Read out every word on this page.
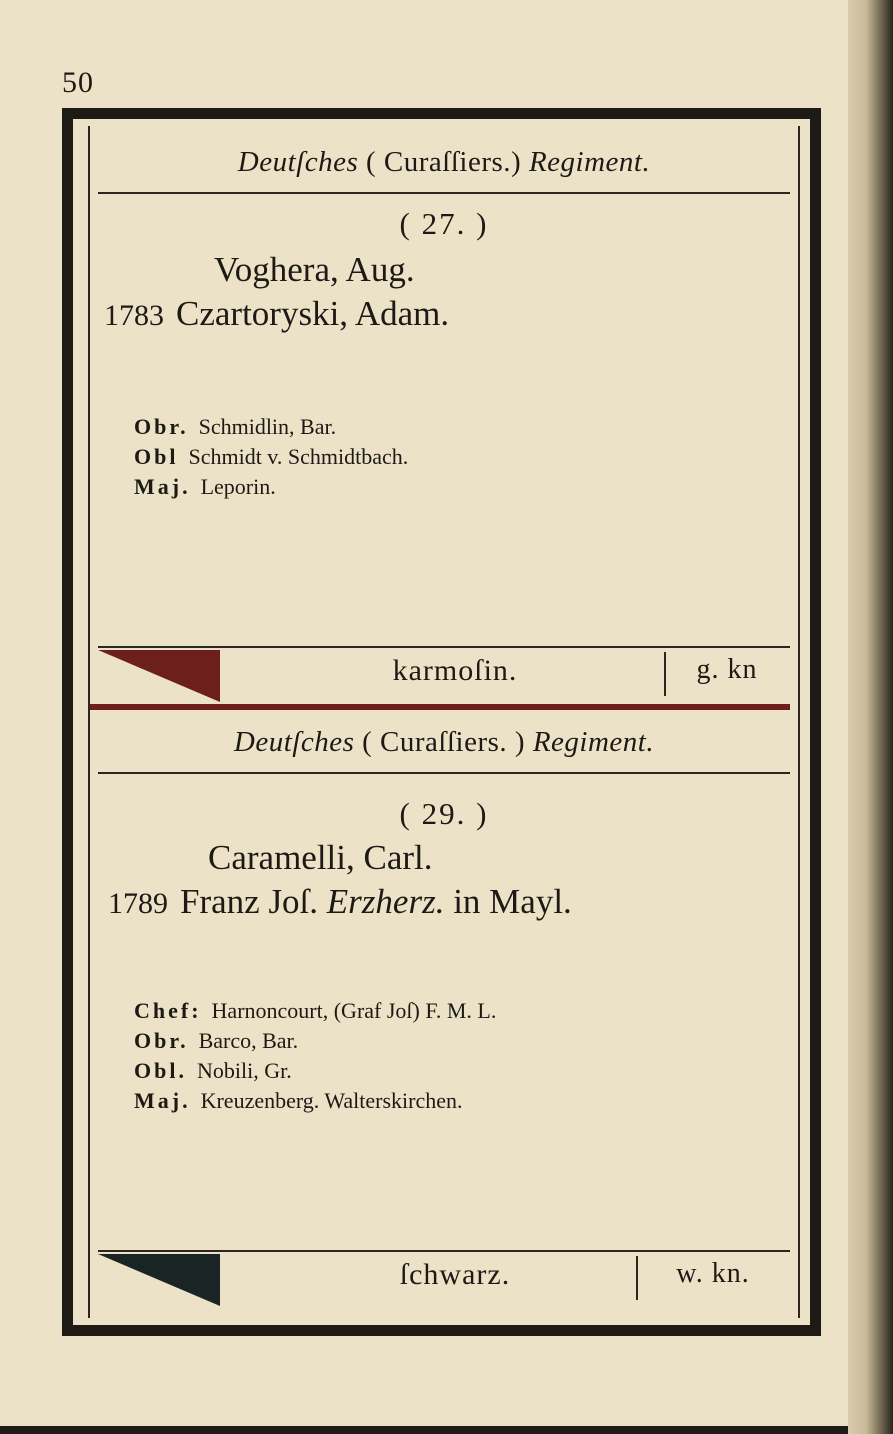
50
Deutſches ( Curaſſiers.) Regiment.
( 27. )
Voghera, Aug.
1783 Czartoryski, Adam.
Obr. Schmidlin, Bar.
Obl Schmidt v. Schmidtbach.
Maj. Leporin.
karmoſin.	g. kn
Deutſches ( Curaſſiers. ) Regiment.
( 29. )
Caramelli, Carl.
1789 Franz Joſ. Erzherz. in Mayl.
Chef: Harnoncourt, (Graf Joſ) F. M. L.
Obr. Barco, Bar.
Obl. Nobili, Gr.
Maj. Kreuzenberg. Walterskirchen.
ſchwarz.	w. kn.
